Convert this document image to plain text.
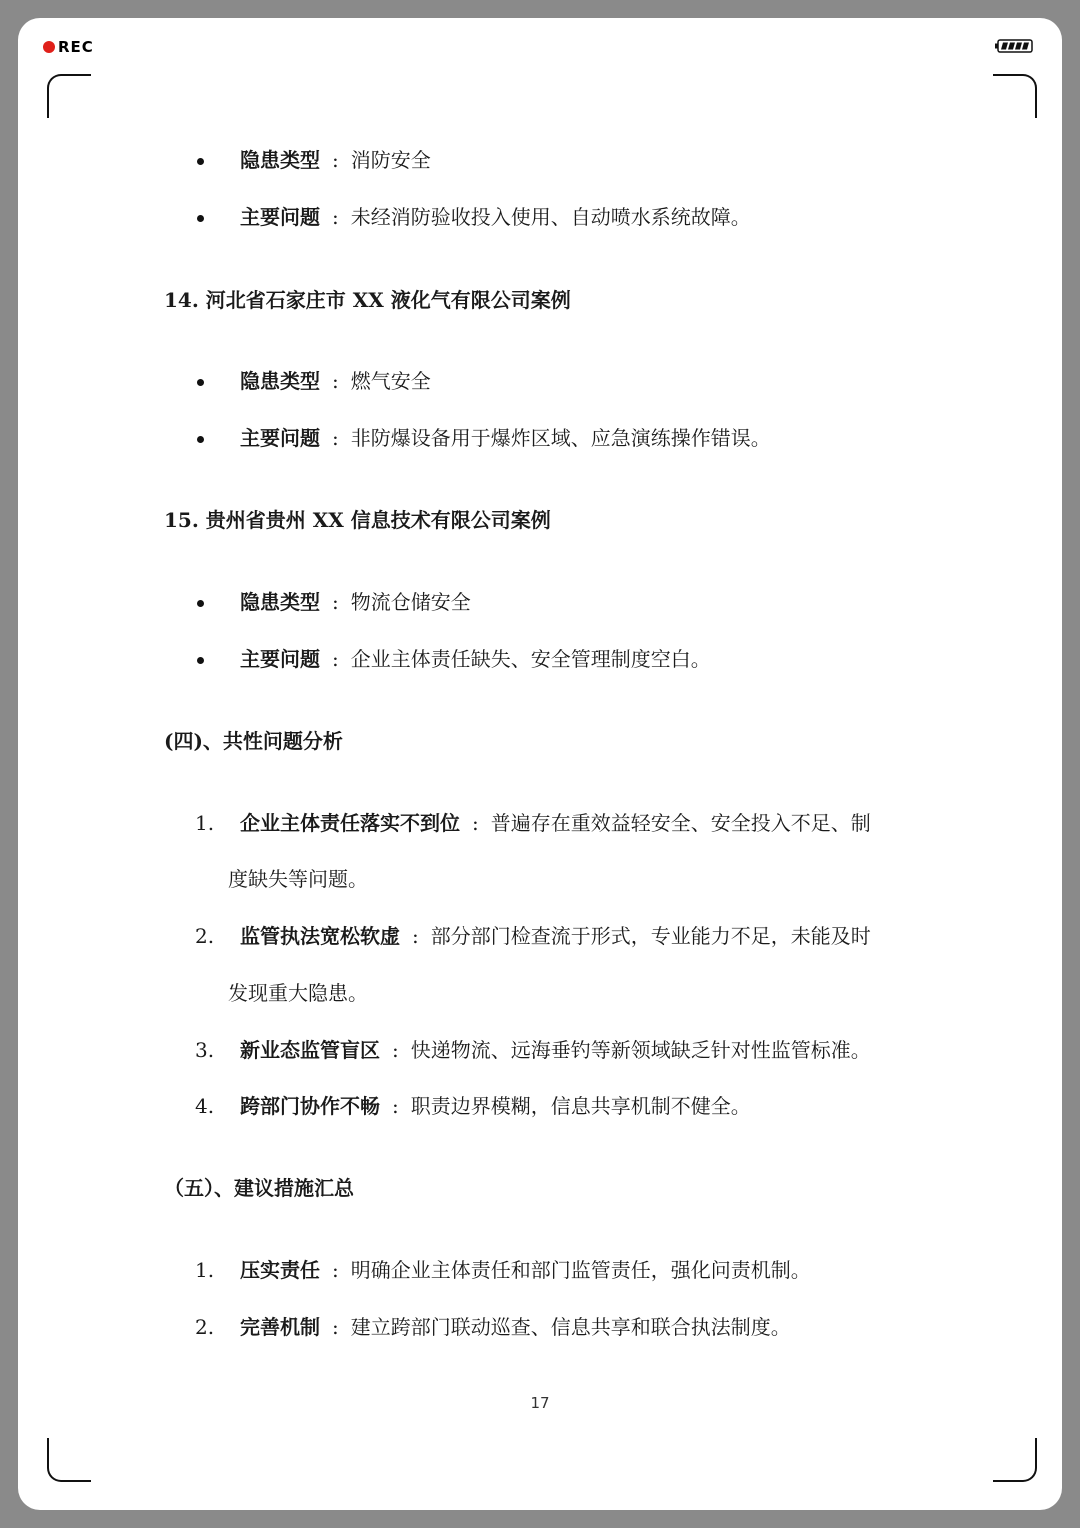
REC
隐患类型 : 消防安全
主要问题 : 未经消防验收投入使用、自动喷水系统故障。
14. 河北省石家庄市 XX 液化气有限公司案例
隐患类型 : 燃气安全
主要问题 : 非防爆设备用于爆炸区域、应急演练操作错误。
15. 贵州省贵州 XX 信息技术有限公司案例
隐患类型 : 物流仓储安全
主要问题 : 企业主体责任缺失、安全管理制度空白。
(四)、共性问题分析
1. 企业主体责任落实不到位 : 普遍存在重效益轻安全、安全投入不足、制
度缺失等问题。
2. 监管执法宽松软虚 : 部分部门检查流于形式，专业能力不足，未能及时
发现重大隐患。
3. 新业态监管盲区 : 快递物流、远海垂钓等新领域缺乏针对性监管标准。
4. 跨部门协作不畅 : 职责边界模糊，信息共享机制不健全。
（五）、建议措施汇总
1. 压实责任 : 明确企业主体责任和部门监管责任，强化问责机制。
2. 完善机制 : 建立跨部门联动巡查、信息共享和联合执法制度。
17
